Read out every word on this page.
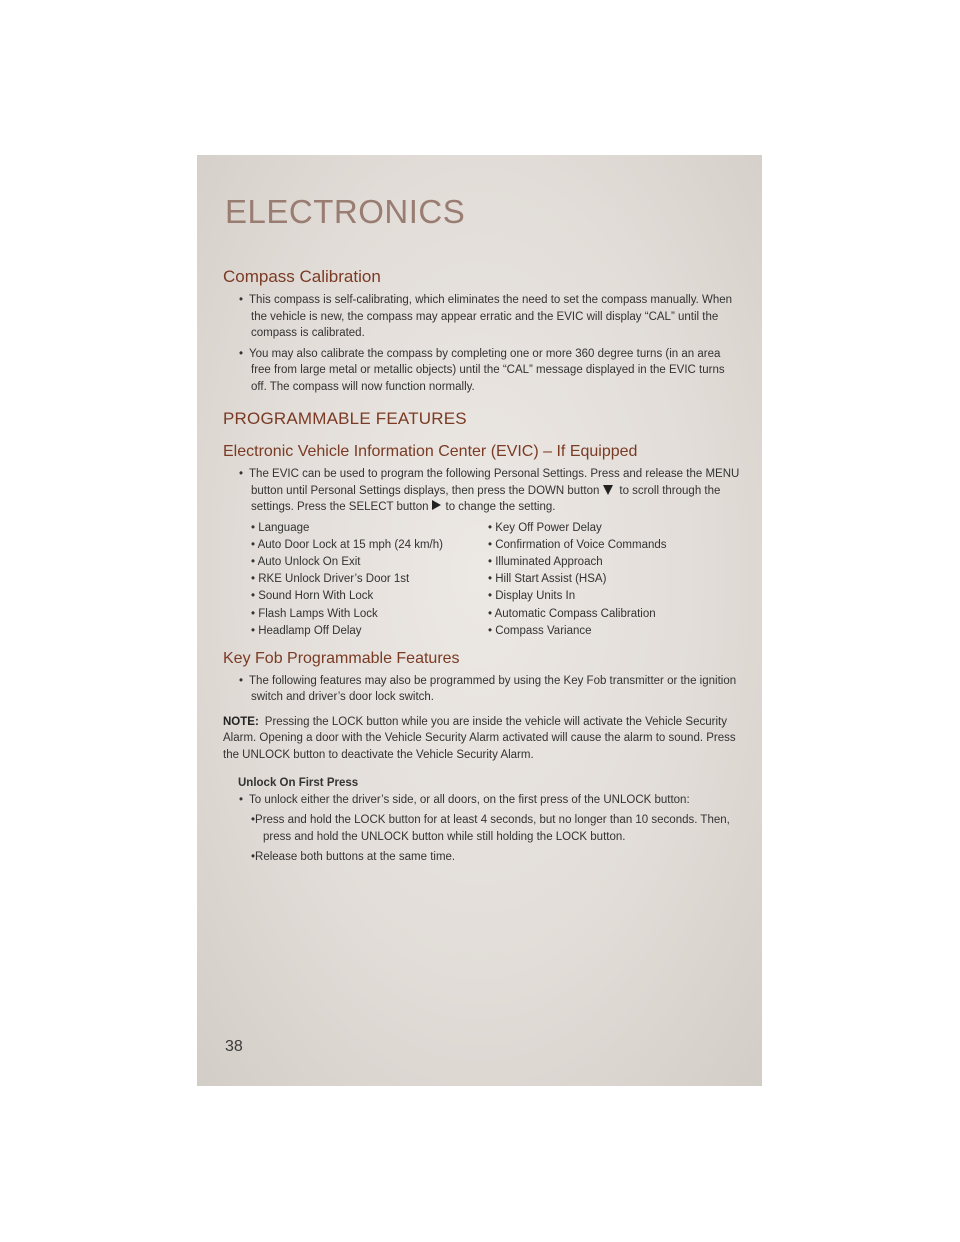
ELECTRONICS
Compass Calibration

• This compass is self-calibrating, which eliminates the need to set the compass manually. When the vehicle is new, the compass may appear erratic and the EVIC will display “CAL” until the compass is calibrated.

• You may also calibrate the compass by completing one or more 360 degree turns (in an area free from large metal or metallic objects) until the “CAL” message displayed in the EVIC turns off. The compass will now function normally.

PROGRAMMABLE FEATURES
Electronic Vehicle Information Center (EVIC) – If Equipped

• The EVIC can be used to program the following Personal Settings. Press and release the MENU button until Personal Settings displays, then press the DOWN button to scroll through the settings. Press the SELECT button to change the setting.

• Language
• Auto Door Lock at 15 mph (24 km/h)
• Auto Unlock On Exit
• RKE Unlock Driver’s Door 1st
• Sound Horn With Lock
• Flash Lamps With Lock
• Headlamp Off Delay
• Key Off Power Delay
• Confirmation of Voice Commands
• Illuminated Approach
• Hill Start Assist (HSA)
• Display Units In
• Automatic Compass Calibration
• Compass Variance
Key Fob Programmable Features

• The following features may also be programmed by using the Key Fob transmitter or the ignition switch and driver’s door lock switch.

NOTE: Pressing the LOCK button while you are inside the vehicle will activate the Vehicle Security Alarm. Opening a door with the Vehicle Security Alarm activated will cause the alarm to sound. Press the UNLOCK button to deactivate the Vehicle Security Alarm.

Unlock On First Press

• To unlock either the driver’s side, or all doors, on the first press of the UNLOCK button:

•Press and hold the LOCK button for at least 4 seconds, but no longer than 10 seconds. Then, press and hold the UNLOCK button while still holding the LOCK button.

•Release both buttons at the same time.

38
